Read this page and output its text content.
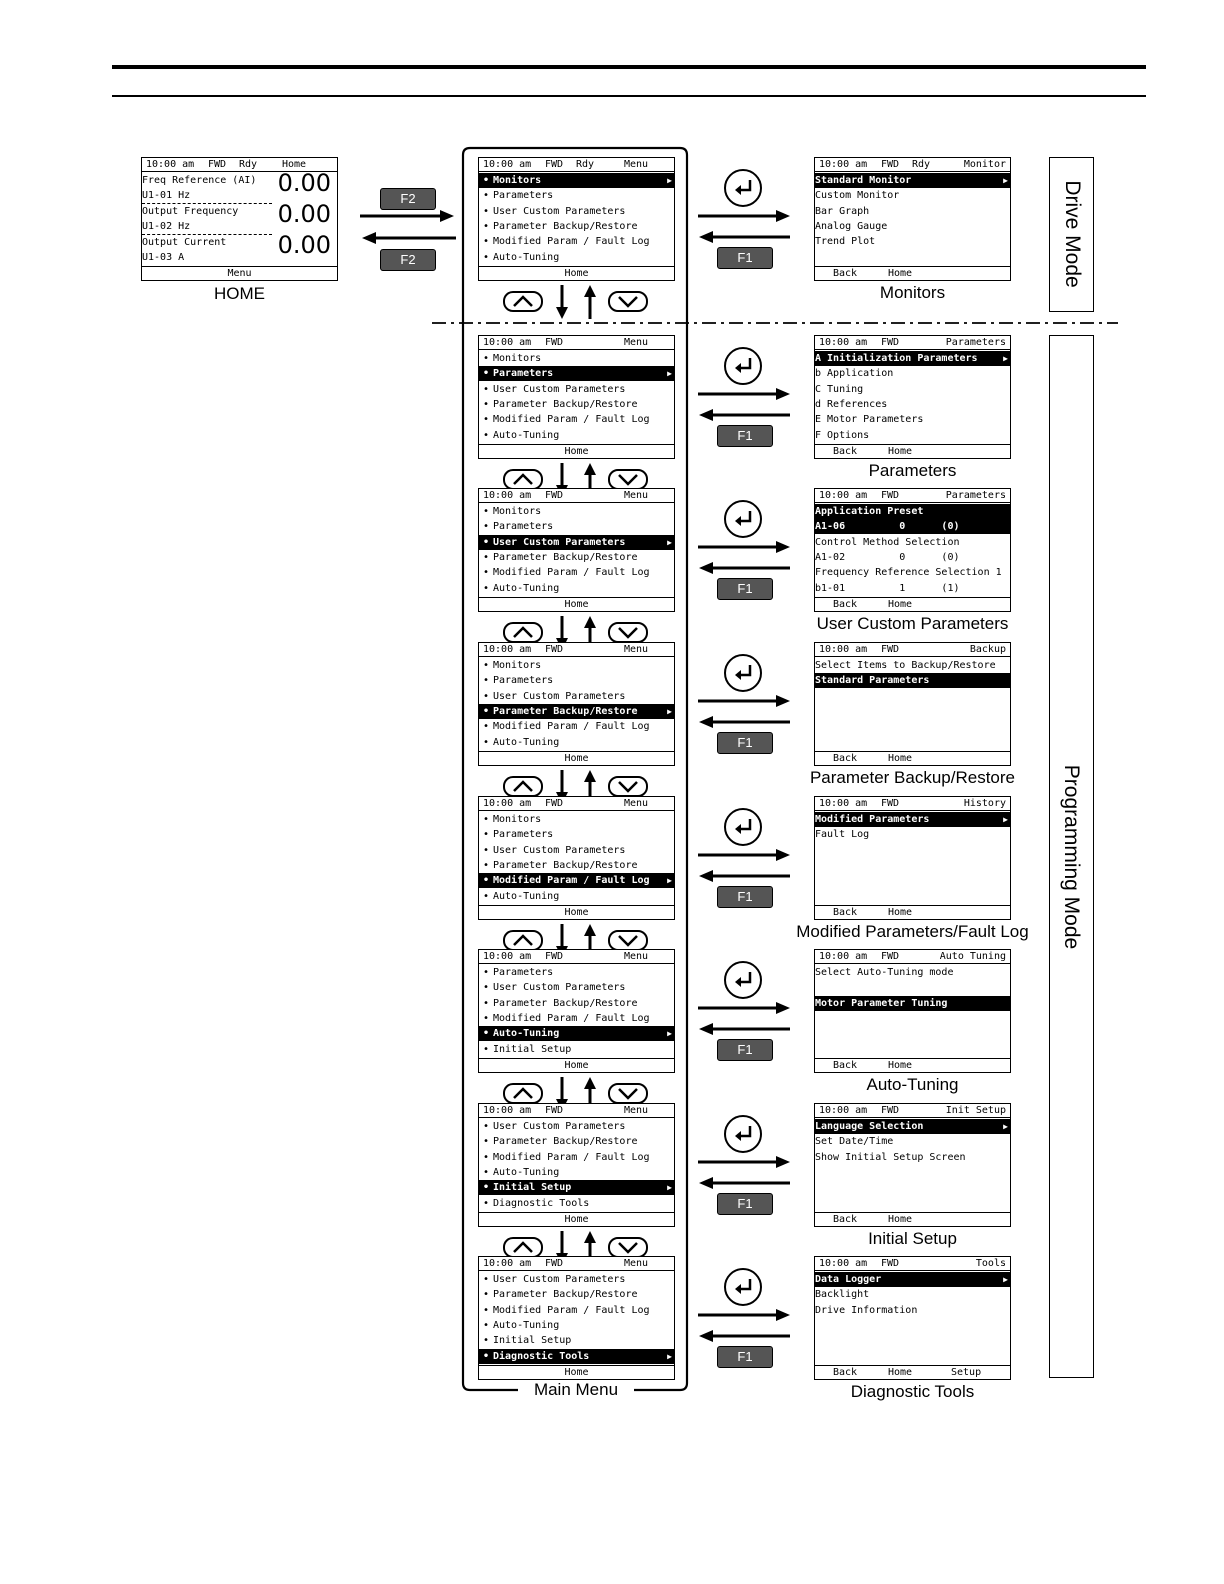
10:00 am FWD Rdy Home
Freq Reference (AI)
U1-01 Hz	0.00
Output Frequency
U1-02 Hz	0.00
Output Current
U1-03 A	0.00
Menu
HOME
F2
F2
10:00 am FWD Rdy	Menu
• Monitors	▶
• Parameters
• User Custom Parameters
• Parameter Backup/Restore
• Modified Param / Fault Log
• Auto-Tuning
Home
10:00 am FWD	Menu
• Monitors
• Parameters	▶
• User Custom Parameters
• Parameter Backup/Restore
• Modified Param / Fault Log
• Auto-Tuning
Home
10:00 am FWD	Menu
• Monitors
• Parameters
• User Custom Parameters	▶
• Parameter Backup/Restore
• Modified Param / Fault Log
• Auto-Tuning
Home
10:00 am FWD	Menu
• Monitors
• Parameters
• User Custom Parameters
• Parameter Backup/Restore	▶
• Modified Param / Fault Log
• Auto-Tuning
Home
10:00 am FWD	Menu
• Monitors
• Parameters
• User Custom Parameters
• Parameter Backup/Restore
• Modified Param / Fault Log ▶
• Auto-Tuning
Home
10:00 am FWD	Menu
• Parameters
• User Custom Parameters
• Parameter Backup/Restore
• Modified Param / Fault Log
• Auto-Tuning	▶
• Initial Setup
Home
10:00 am FWD	Menu
• User Custom Parameters
• Parameter Backup/Restore
• Modified Param / Fault Log
• Auto-Tuning
• Initial Setup	▶
• Diagnostic Tools
Home
10:00 am FWD	Menu
• User Custom Parameters
• Parameter Backup/Restore
• Modified Param / Fault Log
• Auto-Tuning
• Initial Setup
• Diagnostic Tools	▶
Home
10:00 am FWD Rdy	Monitor
Standard Monitor	▶
Custom Monitor
Bar Graph
Analog Gauge
Trend Plot
Back	Home
Monitors
F1
10:00 am FWD	Parameters
A Initialization Parameters	▶
b Application
C Tuning
d References
E Motor Parameters
F Options
Back	Home
Parameters
F1
10:00 am FWD	Parameters
Application Preset
A1-06         0      (0)
Control Method Selection
A1-02         0      (0)
Frequency Reference Selection 1
b1-01         1      (1)
Back	Home
User Custom Parameters
F1
10:00 am FWD	Backup
Select Items to Backup/Restore
Standard Parameters
Back	Home
Parameter Backup/Restore
F1
10:00 am FWD	History
Modified Parameters	▶
Fault Log
Back	Home
Modified Parameters/Fault Log
F1
10:00 am FWD	Auto Tuning
Select Auto-Tuning mode
Motor Parameter Tuning
Back	Home
Auto-Tuning
F1
10:00 am FWD	Init Setup
Language Selection	▶
Set Date/Time
Show Initial Setup Screen
Back	Home
Initial Setup
F1
10:00 am FWD	Tools
Data Logger	▶
Backlight
Drive Information
Back	Home	Setup
Diagnostic Tools
F1
Main Menu
Drive Mode
Programming Mode
